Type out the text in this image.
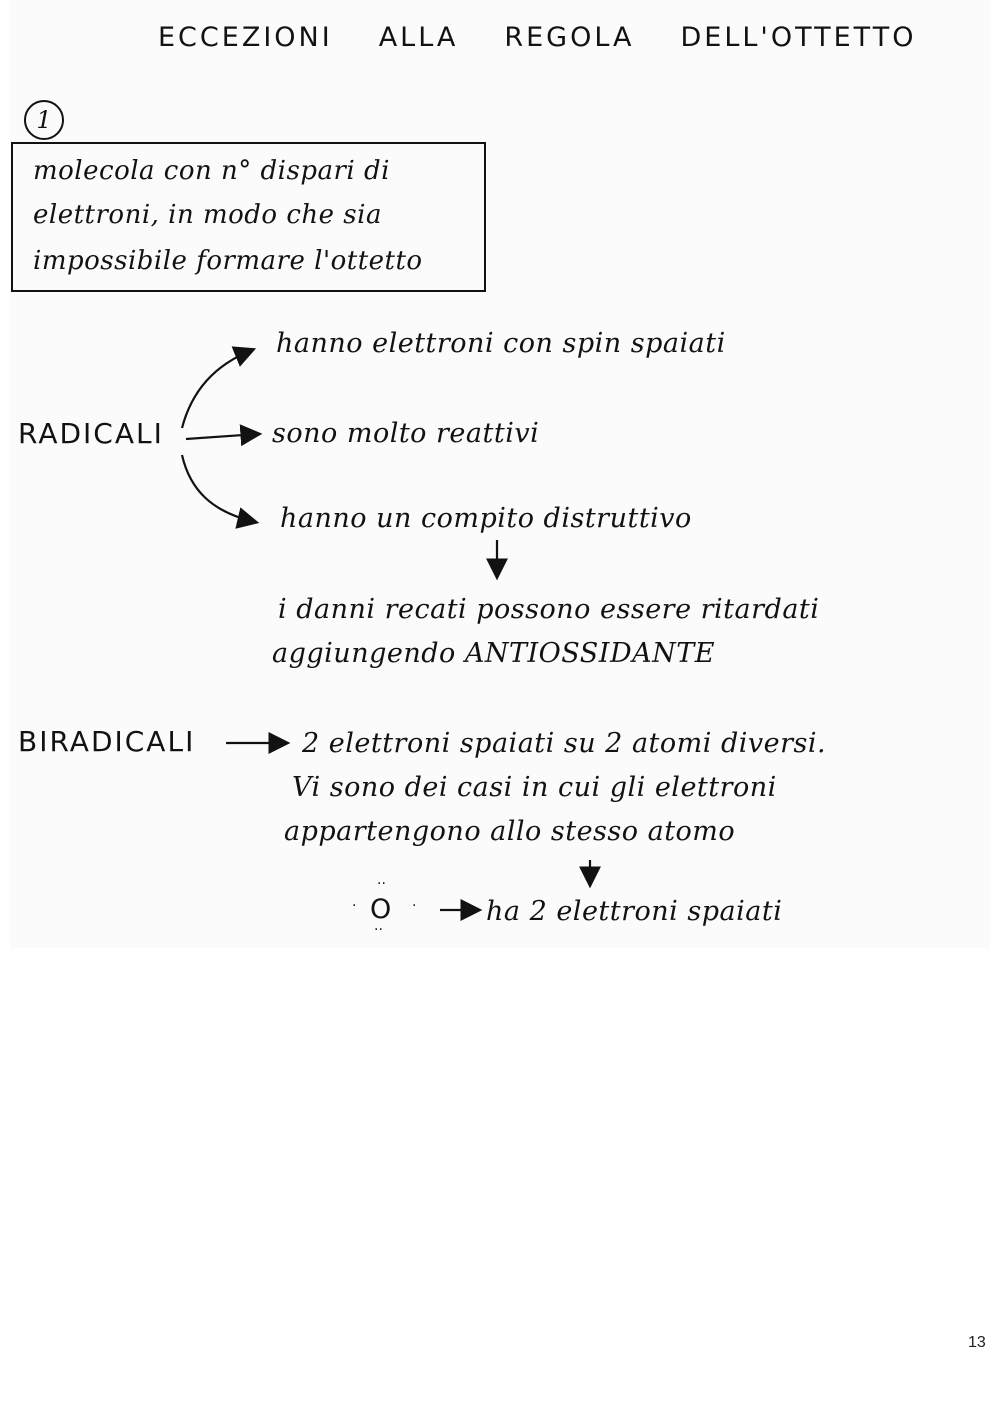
ECCEZIONI ALLA REGOLA DELL'OTTETTO
1
molecola con n° dispari di
elettroni, in modo che sia
impossibile formare l'ottetto
RADICALI
hanno elettroni con spin spaiati
sono molto reattivi
hanno un compito distruttivo
i danni recati possono essere ritardati
aggiungendo ANTIOSSIDANTE
BIRADICALI	2 elettroni spaiati su 2 atomi diversi.
Vi sono dei casi in cui gli elettroni
appartengono allo stesso atomo
··
· O ·
··
ha 2 elettroni spaiati
13
